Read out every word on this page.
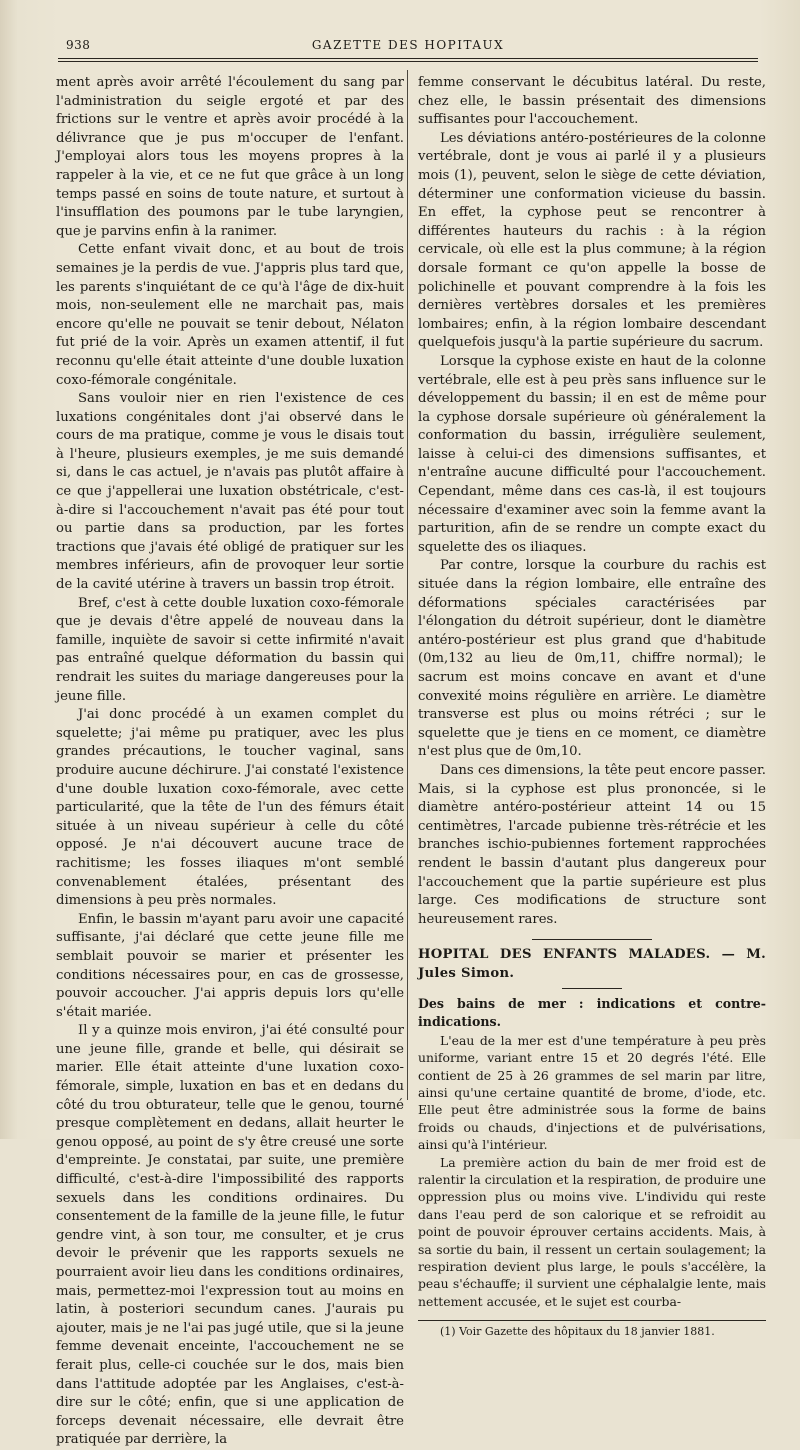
938	GAZETTE DES HOPITAUX

ment après avoir arrêté l'écoulement du sang par l'administration du seigle ergoté et par des frictions sur le ventre et après avoir procédé à la délivrance que je pus m'occuper de l'enfant. J'employai alors tous les moyens propres à la rappeler à la vie, et ce ne fut que grâce à un long temps passé en soins de toute nature, et surtout à l'insufflation des poumons par le tube laryngien, que je parvins enfin à la ranimer.

Cette enfant vivait donc, et au bout de trois semaines je la perdis de vue. J'appris plus tard que, les parents s'inquiétant de ce qu'à l'âge de dix-huit mois, non-seulement elle ne marchait pas, mais encore qu'elle ne pouvait se tenir debout, Nélaton fut prié de la voir. Après un examen attentif, il fut reconnu qu'elle était atteinte d'une double luxation coxo-fémorale congénitale.

Sans vouloir nier en rien l'existence de ces luxations congénitales dont j'ai observé dans le cours de ma pratique, comme je vous le disais tout à l'heure, plusieurs exemples, je me suis demandé si, dans le cas actuel, je n'avais pas plutôt affaire à ce que j'appellerai une luxation obstétricale, c'est-à-dire si l'accouchement n'avait pas été pour tout ou partie dans sa production, par les fortes tractions que j'avais été obligé de pratiquer sur les membres inférieurs, afin de provoquer leur sortie de la cavité utérine à travers un bassin trop étroit.

Bref, c'est à cette double luxation coxo-fémorale que je devais d'être appelé de nouveau dans la famille, inquiète de savoir si cette infirmité n'avait pas entraîné quelque déformation du bassin qui rendrait les suites du mariage dangereuses pour la jeune fille.

J'ai donc procédé à un examen complet du squelette; j'ai même pu pratiquer, avec les plus grandes précautions, le toucher vaginal, sans produire aucune déchirure. J'ai constaté l'existence d'une double luxation coxo-fémorale, avec cette particularité, que la tête de l'un des fémurs était située à un niveau supérieur à celle du côté opposé. Je n'ai découvert aucune trace de rachitisme; les fosses iliaques m'ont semblé convenablement étalées, présentant des dimensions à peu près normales.

Enfin, le bassin m'ayant paru avoir une capacité suffisante, j'ai déclaré que cette jeune fille me semblait pouvoir se marier et présenter les conditions nécessaires pour, en cas de grossesse, pouvoir accoucher. J'ai appris depuis lors qu'elle s'était mariée.

Il y a quinze mois environ, j'ai été consulté pour une jeune fille, grande et belle, qui désirait se marier. Elle était atteinte d'une luxation coxo-fémorale, simple, luxation en bas et en dedans du côté du trou obturateur, telle que le genou, tourné presque complètement en dedans, allait heurter le genou opposé, au point de s'y être creusé une sorte d'empreinte. Je constatai, par suite, une première difficulté, c'est-à-dire l'impossibilité des rapports sexuels dans les conditions ordinaires. Du consentement de la famille de la jeune fille, le futur gendre vint, à son tour, me consulter, et je crus devoir le prévenir que les rapports sexuels ne pourraient avoir lieu dans les conditions ordinaires, mais, permettez-moi l'expression tout au moins en latin, à posteriori secundum canes. J'aurais pu ajouter, mais je ne l'ai pas jugé utile, que si la jeune femme devenait enceinte, l'accouchement ne se ferait plus, celle-ci couchée sur le dos, mais bien dans l'attitude adoptée par les Anglaises, c'est-à-dire sur le côté; enfin, que si une application de forceps devenait nécessaire, elle devrait être pratiquée par derrière, la

femme conservant le décubitus latéral. Du reste, chez elle, le bassin présentait des dimensions suffisantes pour l'accouchement.

Les déviations antéro-postérieures de la colonne vertébrale, dont je vous ai parlé il y a plusieurs mois (1), peuvent, selon le siège de cette déviation, déterminer une conformation vicieuse du bassin. En effet, la cyphose peut se rencontrer à différentes hauteurs du rachis : à la région cervicale, où elle est la plus commune; à la région dorsale formant ce qu'on appelle la bosse de polichinelle et pouvant comprendre à la fois les dernières vertèbres dorsales et les premières lombaires; enfin, à la région lombaire descendant quelquefois jusqu'à la partie supérieure du sacrum.

Lorsque la cyphose existe en haut de la colonne vertébrale, elle est à peu près sans influence sur le développement du bassin; il en est de même pour la cyphose dorsale supérieure où généralement la conformation du bassin, irrégulière seulement, laisse à celui-ci des dimensions suffisantes, et n'entraîne aucune difficulté pour l'accouchement. Cependant, même dans ces cas-là, il est toujours nécessaire d'examiner avec soin la femme avant la parturition, afin de se rendre un compte exact du squelette des os iliaques.

Par contre, lorsque la courbure du rachis est située dans la région lombaire, elle entraîne des déformations spéciales caractérisées par l'élongation du détroit supérieur, dont le diamètre antéro-postérieur est plus grand que d'habitude (0m,132 au lieu de 0m,11, chiffre normal); le sacrum est moins concave en avant et d'une convexité moins régulière en arrière. Le diamètre transverse est plus ou moins rétréci ; sur le squelette que je tiens en ce moment, ce diamètre n'est plus que de 0m,10.

Dans ces dimensions, la tête peut encore passer. Mais, si la cyphose est plus prononcée, si le diamètre antéro-postérieur atteint 14 ou 15 centimètres, l'arcade pubienne très-rétrécie et les branches ischio-pubiennes fortement rapprochées rendent le bassin d'autant plus dangereux pour l'accouchement que la partie supérieure est plus large. Ces modifications de structure sont heureusement rares.

HOPITAL DES ENFANTS MALADES. — M. Jules Simon.

Des bains de mer : indications et contre-indications.

L'eau de la mer est d'une température à peu près uniforme, variant entre 15 et 20 degrés l'été. Elle contient de 25 à 26 grammes de sel marin par litre, ainsi qu'une certaine quantité de brome, d'iode, etc. Elle peut être administrée sous la forme de bains froids ou chauds, d'injections et de pulvérisations, ainsi qu'à l'intérieur.

La première action du bain de mer froid est de ralentir la circulation et la respiration, de produire une oppression plus ou moins vive. L'individu qui reste dans l'eau perd de son calorique et se refroidit au point de pouvoir éprouver certains accidents. Mais, à sa sortie du bain, il ressent un certain soulagement; la respiration devient plus large, le pouls s'accélère, la peau s'échauffe; il survient une céphalalgie lente, mais nettement accusée, et le sujet est courba-

(1) Voir Gazette des hôpitaux du 18 janvier 1881.
